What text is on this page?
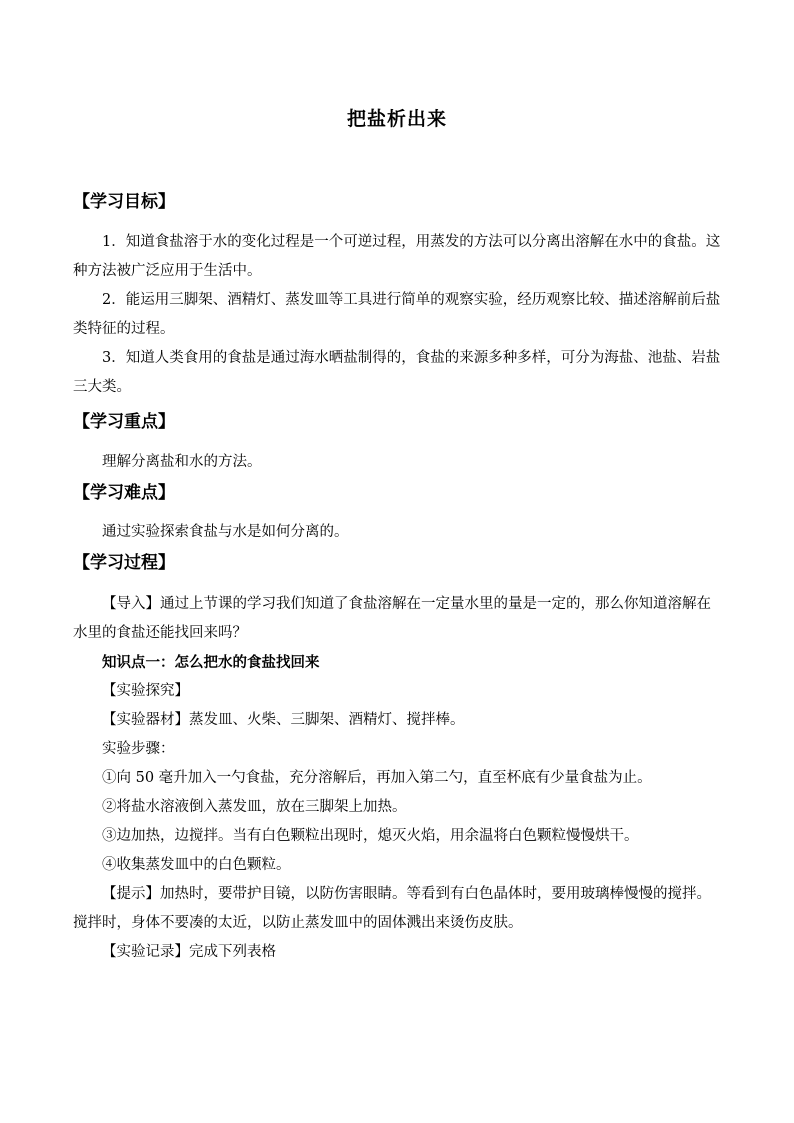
把盐析出来
【学习目标】
1．知道食盐溶于水的变化过程是一个可逆过程，用蒸发的方法可以分离出溶解在水中的食盐。这种方法被广泛应用于生活中。
2．能运用三脚架、酒精灯、蒸发皿等工具进行简单的观察实验，经历观察比较、描述溶解前后盐类特征的过程。
3．知道人类食用的食盐是通过海水晒盐制得的，食盐的来源多种多样，可分为海盐、池盐、岩盐三大类。
【学习重点】
理解分离盐和水的方法。
【学习难点】
通过实验探索食盐与水是如何分离的。
【学习过程】
【导入】通过上节课的学习我们知道了食盐溶解在一定量水里的量是一定的，那么你知道溶解在水里的食盐还能找回来吗？
知识点一：怎么把水的食盐找回来
【实验探究】
【实验器材】蒸发皿、火柴、三脚架、酒精灯、搅拌棒。
实验步骤：
①向 50 毫升加入一勺食盐，充分溶解后，再加入第二勺，直至杯底有少量食盐为止。
②将盐水溶液倒入蒸发皿，放在三脚架上加热。
③边加热，边搅拌。当有白色颗粒出现时，熄灭火焰，用余温将白色颗粒慢慢烘干。
④收集蒸发皿中的白色颗粒。
【提示】加热时，要带护目镜，以防伤害眼睛。等看到有白色晶体时，要用玻璃棒慢慢的搅拌。搅拌时，身体不要凑的太近，以防止蒸发皿中的固体溅出来烫伤皮肤。
【实验记录】完成下列表格
